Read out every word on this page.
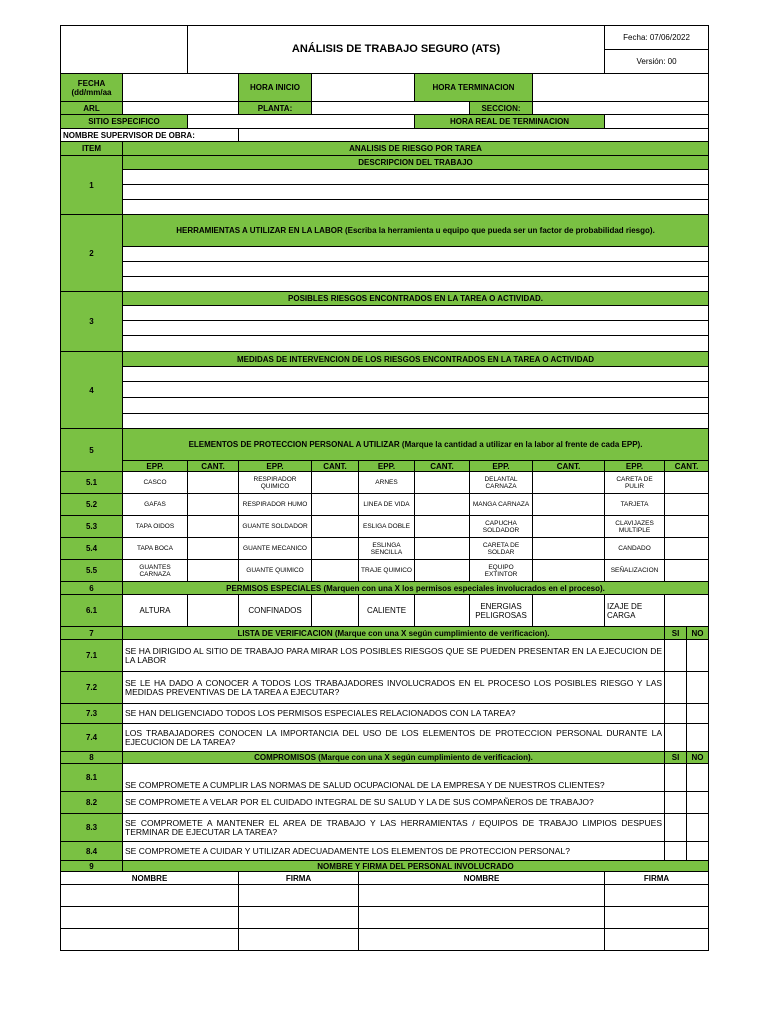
		ANÁLISIS DE TRABAJO SEGURO (ATS)							Fecha: 07/06/2022		
									Versión: 00		

FECHA (dd/mm/aa			HORA INICIO			HORA TERMINACION					

ARL			PLANTA:				SECCION:				
SITIO ESPECIFICO						HORA REAL DE TERMINACION					
NOMBRE SUPERVISOR DE OBRA:											
ITEM	ANALISIS DE RIESGO POR TAREA										
1	DESCRIPCION DEL TRABAJO										

2	HERRAMIENTAS A UTILIZAR EN LA LABOR (Escriba la herramienta u equipo que pueda ser un factor de probabilidad riesgo).										

3	POSIBLES RIESGOS ENCONTRADOS EN LA TAREA O ACTIVIDAD.										

4	MEDIDAS DE INTERVENCION DE LOS RIESGOS ENCONTRADOS EN LA TAREA O ACTIVIDAD										

5	ELEMENTOS DE PROTECCION PERSONAL A UTILIZAR (Marque la cantidad a utilizar en la labor al frente de cada EPP).										
	EPP.	CANT.	EPP.	CANT.	EPP.	CANT.	EPP.	CANT.	EPP.	CANT.	
5.1	CASCO		RESPIRADOR QUIMICO		ARNES		DELANTAL CARNAZA		CARETA DE PULIR		
5.2	GAFAS		RESPIRADOR HUMO		LINEA DE VIDA		MANGA CARNAZA		TARJETA		
5.3	TAPA OIDOS		GUANTE SOLDADOR		ESLIGA DOBLE		CAPUCHA SOLDADOR		CLAVIJAZES MULTIPLE		
5.4	TAPA BOCA		GUANTE MECANICO		ESLINGA SENCILLA		CARETA DE SOLDAR		CANDADO		
5.5	GUANTES CARNAZA		GUANTE QUIMICO		TRAJE QUIMICO		EQUIPO EXTINTOR		SEÑALIZACION		
6	PERMISOS ESPECIALES (Marquen con una X los permisos especiales involucrados en el proceso).										
6.1	ALTURA		CONFINADOS		CALIENTE		ENERGIAS PELIGROSAS		IZAJE DE CARGA		
7	LISTA DE VERIFICACION (Marque con una X según cumplimiento de verificacion).									SI	NO
7.1	SE HA DIRIGIDO AL SITIO DE TRABAJO PARA MIRAR LOS POSIBLES RIESGOS QUE SE PUEDEN PRESENTAR EN LA EJECUCION DE LA LABOR										
7.2	SE LE HA DADO A CONOCER A TODOS LOS TRABAJADORES INVOLUCRADOS EN EL PROCESO LOS POSIBLES RIESGO Y LAS MEDIDAS PREVENTIVAS DE LA TAREA A EJECUTAR?										
7.3	SE HAN DELIGENCIADO TODOS LOS PERMISOS ESPECIALES RELACIONADOS CON LA TAREA?										
7.4	LOS TRABAJADORES CONOCEN LA IMPORTANCIA DEL USO DE LOS ELEMENTOS DE PROTECCION PERSONAL DURANTE LA EJECUCION DE LA TAREA?										
8	COMPROMISOS (Marque con una X según cumplimiento de verificacion).									SI	NO
8.1	SE COMPROMETE A CUMPLIR LAS NORMAS DE SALUD OCUPACIONAL DE LA EMPRESA Y DE NUESTROS CLIENTES?										
8.2	SE COMPROMETE A VELAR POR EL CUIDADO INTEGRAL DE SU SALUD Y LA DE SUS COMPAÑEROS DE TRABAJO?										
8.3	SE COMPROMETE A MANTENER EL AREA DE TRABAJO Y LAS HERRAMIENTAS / EQUIPOS DE TRABAJO LIMPIOS DESPUES TERMINAR DE EJECUTAR LA TAREA?										
8.4	SE COMPROMETE A CUIDAR Y UTILIZAR ADECUADAMENTE LOS ELEMENTOS DE PROTECCION PERSONAL?										
9	NOMBRE Y FIRMA DEL PERSONAL INVOLUCRADO										
NOMBRE			FIRMA		NOMBRE				FIRMA		
